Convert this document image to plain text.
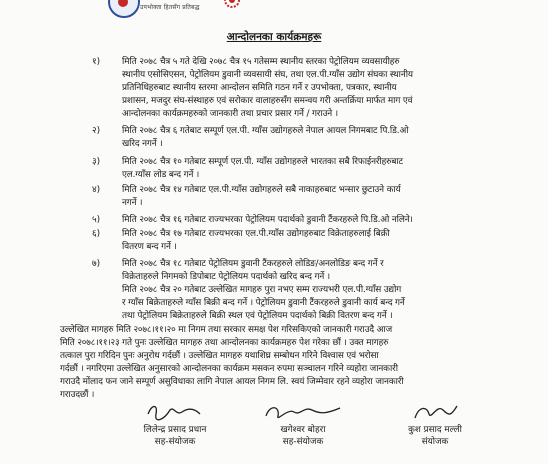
उपभोक्ता हितसँग प्रतिबद्ध
आन्दोलनका कार्यक्रमहरू
१) मिति २०७८ चैत्र ५ गते देखि २०७८ चैत्र १५ गतेसम्म स्थानीय स्तरका पेट्रोलियम व्यवसायीहरु
स्थानीय एसोसिएसन, पेट्रोलियम डुवानी व्यवसायी संघ, तथा एल.पी.ग्याँस उद्योग संघका स्थानीय
प्रतिनिधिहरुबाट स्थानीय स्तरमा आन्दोलन समिति गठन गर्ने र उपभोक्ता, पत्रकार, स्थानीय
प्रशासन, मजदुर संघ-संस्थाहरु एवं सरोकार वालाहरुसँग समन्वय गरी अन्तर्क्रिया मार्फत माग एवं
आन्दोलनका कार्यक्रमहरुको जानकारी तथा प्रचार प्रसार गर्ने / गराउने ।
२) मिति २०७८ चैत्र ६ गतेबाट सम्पूर्ण एल.पी. ग्याँस उद्योगहरुले नेपाल आयल निगमबाट पि.डि.ओ
खरिद नगर्ने ।
३) मिति २०७८ चैत्र १० गतेबाट सम्पूर्ण एल.पी. ग्याँस उद्योगहरुले भारतका सबै रिफाईनरीहरुबाट
एल.ग्याँस लोड बन्द गर्ने ।
४) मिति २०७८ चैत्र १४ गतेबाट एल.पी.ग्याँस उद्योगहरुले सबै नाकाहरुबाट भन्सार छुटाउने कार्य
नगर्ने ।
५) मिति २०७८ चैत्र १६ गतेबाट राज्यभरका पेट्रोलियम पदार्थको डुवानी टैंकरहरुले पि.डि.ओ नलिने।
६) मिति २०७८ चैत्र १७ गतेबाट राज्यभरका एल.पी.ग्याँस उद्योगहरुबाट विक्रेताहरुलाई बिक्री
वितरण बन्द गर्ने ।
७) मिति २०७८ चैत्र १८ गतेबाट पेट्रोलियम डुवानी टैंकरहरुले लोडिङ/अनलोडिङ बन्द गर्ने र
विक्रेताहरुले निगमको डिपोबाट पेट्रोलियम पदार्थको खरिद बन्द गर्ने ।
मिति २०७८ चैत्र २० गतेबाट उल्लेखित मागहरु पुरा नभए सम्म राज्यभरी एल.पी.ग्याँस उद्योग
र ग्याँस बिक्रेताहरुले ग्याँस बिक्री बन्द गर्ने । पेट्रोलियम डुवानी टैंकरहरुले डुवानी कार्य बन्द गर्ने
तथा पेट्रोलियम बिक्रेताहरुले बिक्री स्थल एवं पेट्रोलियम पदार्थको बिक्री वितरण बन्द गर्ने ।
उल्लेखित मागहरु मिति २०७८।११।२० मा निगम तथा सरकार समक्ष पेश गरिसकिएको जानकारी गराउदै आज
मिति २०७८।११।२३ गते पुनः उल्लेखित मागहरु तथा आन्दोलनका कार्यक्रमहरु पेश गरेका छौं । उक्त मागहरु
तत्काल पुरा गरिदिन पुनः अनुरोध गर्दछौं । उल्लेखित मागहरु यथाशिघ्र सम्बोधन गरिने विश्वास एवं भरोसा
गर्दछौं । नगरिएमा उल्लेखित अनुसारको आन्दोलनका कार्यक्रम मसकन रुपमा सञ्चालन गरिने व्यहोरा जानकारी
गराउदै मोंलाद फन जाने सम्पूर्ण असुविधाका लागि नेपाल आयल निगम लि. स्वयं जिम्मेवार रहने व्यहोरा जानकारी
गराउदछौं ।
लिलेन्द्र प्रसाद प्रधान
सह-संयोजक
खगेश्वर बोहरा
सह-संयोजक
कुश प्रसाद मल्ली
संयोजक
